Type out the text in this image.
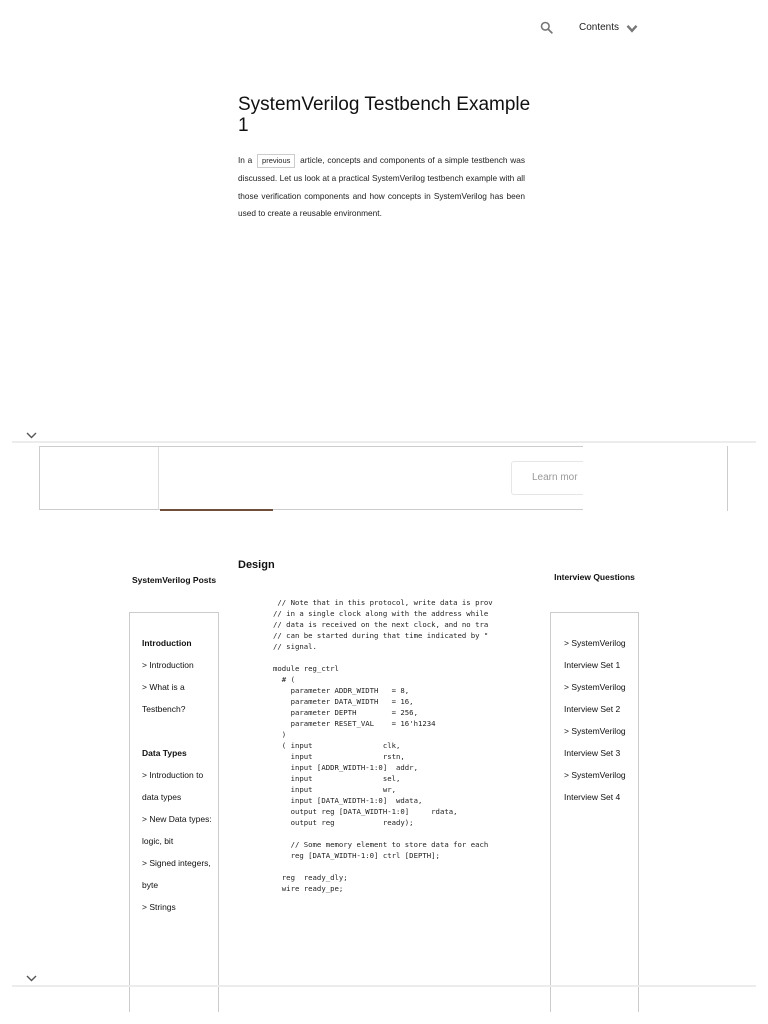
Contents
SystemVerilog Testbench Example 1
In a previous article, concepts and components of a simple testbench was discussed. Let us look at a practical SystemVerilog testbench example with all those verification components and how concepts in SystemVerilog has been used to create a reusable environment.
Learn mor
SystemVerilog Posts
Introduction
> Introduction
> What is a Testbench?
Data Types
> Introduction to data types
> New Data types: logic, bit
> Signed integers, byte
> Strings
Design
// Note that in this protocol, write data is prov
// in a single clock along with the address while
// data is received on the next clock, and no tra
// can be started during that time indicated by "
// signal.

module reg_ctrl
# (
parameter ADDR_WIDTH   = 8,
parameter DATA_WIDTH   = 16,
parameter DEPTH        = 256,
parameter RESET_VAL    = 16'h1234
)
( input                clk,
input                rstn,
input [ADDR_WIDTH-1:0]  addr,
input                sel,
input                wr,
input [DATA_WIDTH-1:0]  wdata,
output reg [DATA_WIDTH-1:0]     rdata,
output reg           ready);

// Some memory element to store data for each
reg [DATA_WIDTH-1:0] ctrl [DEPTH];

reg  ready_dly;
wire ready_pe;
Interview Questions
> SystemVerilog Interview Set 1
> SystemVerilog Interview Set 2
> SystemVerilog Interview Set 3
> SystemVerilog Interview Set 4
